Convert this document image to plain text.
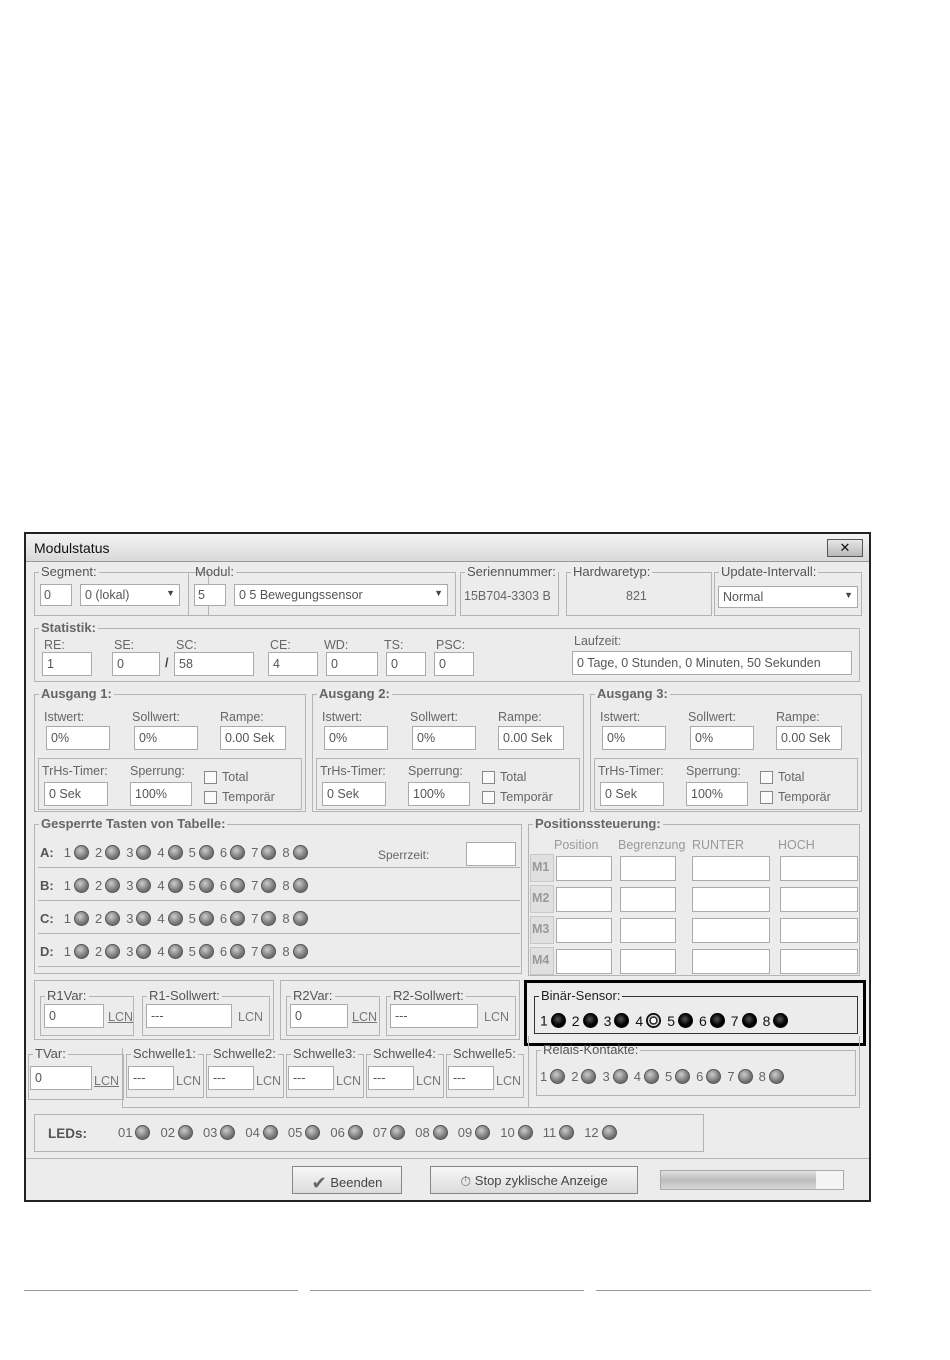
Modulstatus	✕
Segment:
0	0 (lokal)	▼
Modul:
5	0 5 Bewegungssensor	▼
Seriennummer:
15B704-3303 B
Hardwaretyp:
821
Update-Intervall:
Normal	▼
Statistik:
RE:
1
SE:
0	/
SC:
58
CE:
4
WD:
0
TS:
0
PSC:
0
Laufzeit:
0 Tage, 0 Stunden, 0 Minuten, 50 Sekunden
Ausgang 1:
Istwert:
0%
Sollwert:
0%
Rampe:
0.00 Sek
TrHs-Timer:
0 Sek
Sperrung:
100%
Total
Temporär
Ausgang 2:
Istwert:
0%
Sollwert:
0%
Rampe:
0.00 Sek
TrHs-Timer:
0 Sek
Sperrung:
100%
Total
Temporär
Ausgang 3:
Istwert:
0%
Sollwert:
0%
Rampe:
0.00 Sek
TrHs-Timer:
0 Sek
Sperrung:
100%
Total
Temporär
Gesperrte Tasten von Tabelle:
A: 1 2 3 4 5 6 7 8
B: 1 2 3 4 5 6 7 8
C: 1 2 3 4 5 6 7 8
D: 1 2 3 4 5 6 7 8
Sperrzeit:
Positionssteuerung:
Position Begrenzung RUNTER	HOCH
M1
M2
M3
M4
R1Var:
0	LCN
R1-Sollwert:
---	LCN
R2Var:
0	LCN
R2-Sollwert:
---	LCN
Binär-Sensor:
1 2 3 4 5 6 7 8
TVar:
0	LCN
Schwelle1:
---	LCN
Schwelle2:
---	LCN
Schwelle3:
---	LCN
Schwelle4:
---	LCN
Schwelle5:
---	LCN
Relais-Kontakte:
1 2 3 4 5 6 7 8
LEDs: 01 02 03 04 05 06 07 08 09 10 11 12
✔ Beenden	⏱ Stop zyklische Anzeige
